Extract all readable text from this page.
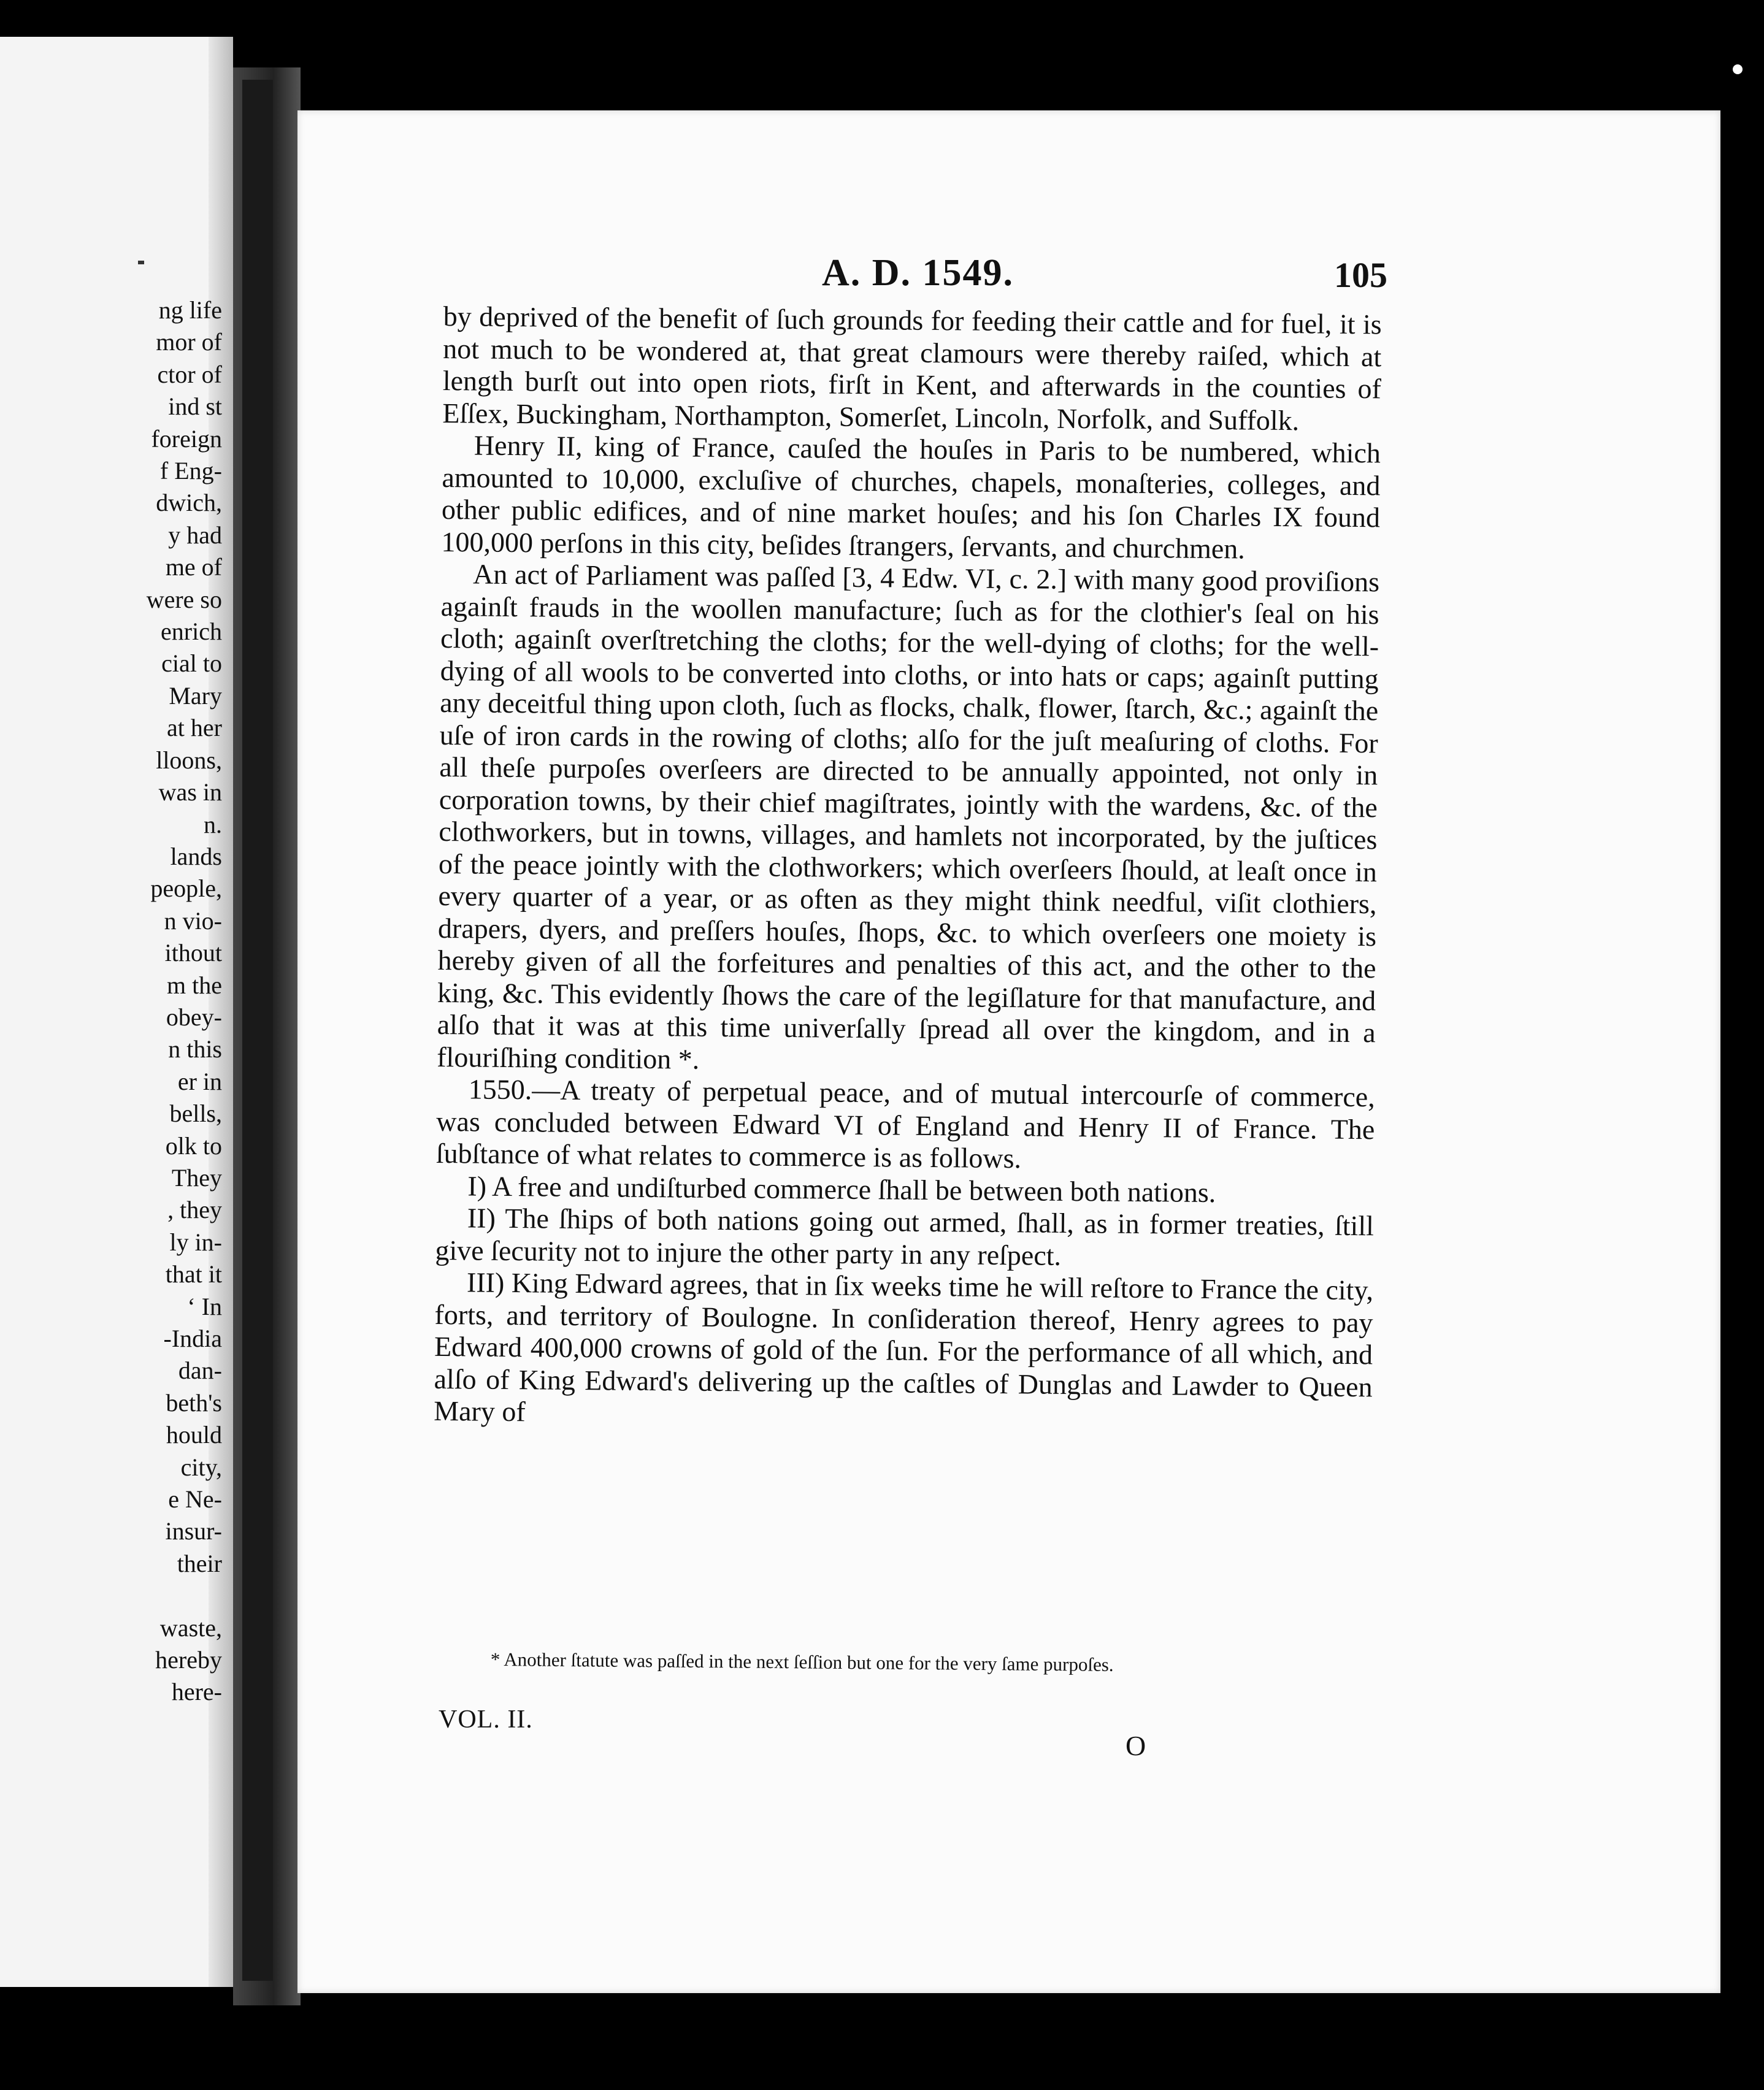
ng life
mor of
ctor of
ind st
foreign
f Eng-
dwich,
y had
me of
were so
enrich
cial to
Mary
at her
lloons,
was in
n.
lands
people,
n vio-
ithout
m the
obey-
n this
er in
bells,
olk to
They
, they
ly in-
that it
‘ In
-India
dan-
beth's
hould
city,
e Ne-
insur-
their

waste,
hereby
here-
A. D. 1549.	105

by deprived of the benefit of ſuch grounds for feeding their cattle and for fuel, it is not much to be wondered at, that great clamours were thereby raiſed, which at length burſt out into open riots, firſt in Kent, and afterwards in the counties of Eſſex, Buckingham, Northampton, Somerſet, Lincoln, Norfolk, and Suffolk.

Henry II, king of France, cauſed the houſes in Paris to be numbered, which amounted to 10,000, excluſive of churches, chapels, monaſteries, colleges, and other public edifices, and of nine market houſes; and his ſon Charles IX found 100,000 perſons in this city, beſides ſtrangers, ſervants, and churchmen.

An act of Parliament was paſſed [3, 4 Edw. VI, c. 2.] with many good proviſions againſt frauds in the woollen manufacture; ſuch as for the clothier's ſeal on his cloth; againſt overſtretching the cloths; for the well-dying of cloths; for the well-dying of all wools to be converted into cloths, or into hats or caps; againſt putting any deceitful thing upon cloth, ſuch as flocks, chalk, flower, ſtarch, &c.; againſt the uſe of iron cards in the rowing of cloths; alſo for the juſt meaſuring of cloths. For all theſe purpoſes overſeers are directed to be annually appointed, not only in corporation towns, by their chief magiſtrates, jointly with the wardens, &c. of the clothworkers, but in towns, villages, and hamlets not incorporated, by the juſtices of the peace jointly with the clothworkers; which overſeers ſhould, at leaſt once in every quarter of a year, or as often as they might think needful, viſit clothiers, drapers, dyers, and preſſers houſes, ſhops, &c. to which overſeers one moiety is hereby given of all the forfeitures and penalties of this act, and the other to the king, &c. This evidently ſhows the care of the legiſlature for that manufacture, and alſo that it was at this time univerſally ſpread all over the kingdom, and in a flouriſhing condition *.

1550.—A treaty of perpetual peace, and of mutual intercourſe of commerce, was concluded between Edward VI of England and Henry II of France. The ſubſtance of what relates to commerce is as follows.

I) A free and undiſturbed commerce ſhall be between both nations.

II) The ſhips of both nations going out armed, ſhall, as in former treaties, ſtill give ſecurity not to injure the other party in any reſpect.

III) King Edward agrees, that in ſix weeks time he will reſtore to France the city, forts, and territory of Boulogne. In conſideration thereof, Henry agrees to pay Edward 400,000 crowns of gold of the ſun. For the performance of all which, and alſo of King Edward's delivering up the caſtles of Dunglas and Lawder to Queen Mary of

* Another ſtatute was paſſed in the next ſeſſion but one for the very ſame purpoſes.
VOL. II.
O
